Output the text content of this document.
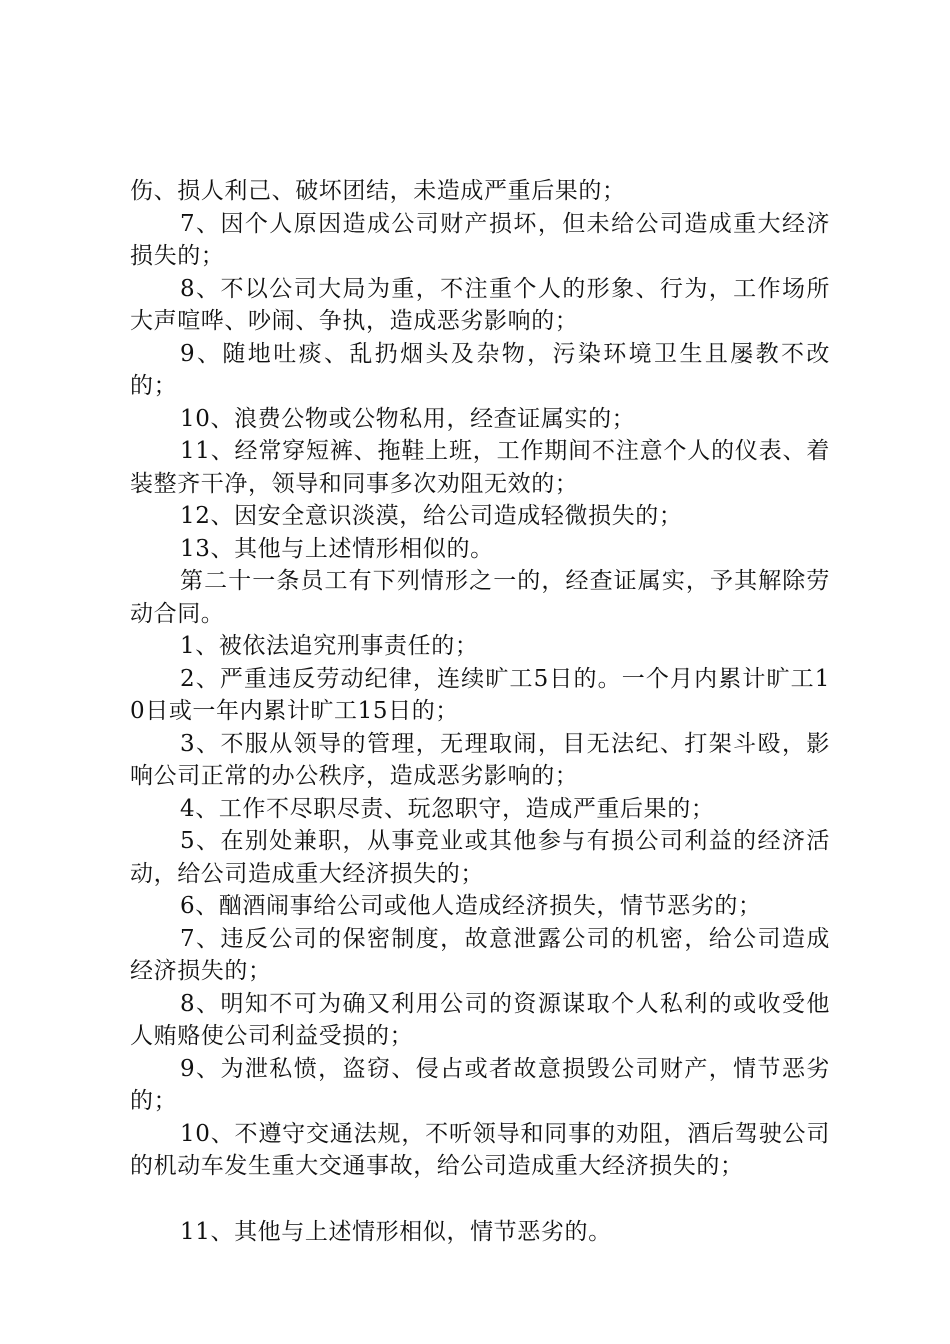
伤、损人利己、破坏团结，未造成严重后果的；

7、因个人原因造成公司财产损坏，但未给公司造成重大经济损失的；

8、不以公司大局为重，不注重个人的形象、行为，工作场所大声喧哗、吵闹、争执，造成恶劣影响的；

9、随地吐痰、乱扔烟头及杂物，污染环境卫生且屡教不改的；

10、浪费公物或公物私用，经查证属实的；

11、经常穿短裤、拖鞋上班，工作期间不注意个人的仪表、着装整齐干净，领导和同事多次劝阻无效的；

12、因安全意识淡漠，给公司造成轻微损失的；

13、其他与上述情形相似的。

第二十一条员工有下列情形之一的，经查证属实，予其解除劳动合同。

1、被依法追究刑事责任的；

2、严重违反劳动纪律，连续旷工5日的。一个月内累计旷工10日或一年内累计旷工15日的；

3、不服从领导的管理，无理取闹，目无法纪、打架斗殴，影响公司正常的办公秩序，造成恶劣影响的；

4、工作不尽职尽责、玩忽职守，造成严重后果的；

5、在别处兼职，从事竞业或其他参与有损公司利益的经济活动，给公司造成重大经济损失的；

6、酗酒闹事给公司或他人造成经济损失，情节恶劣的；

7、违反公司的保密制度，故意泄露公司的机密，给公司造成经济损失的；

8、明知不可为确又利用公司的资源谋取个人私利的或收受他人贿赂使公司利益受损的；

9、为泄私愤，盗窃、侵占或者故意损毁公司财产，情节恶劣的；

10、不遵守交通法规，不听领导和同事的劝阻，酒后驾驶公司的机动车发生重大交通事故，给公司造成重大经济损失的；

11、其他与上述情形相似，情节恶劣的。
